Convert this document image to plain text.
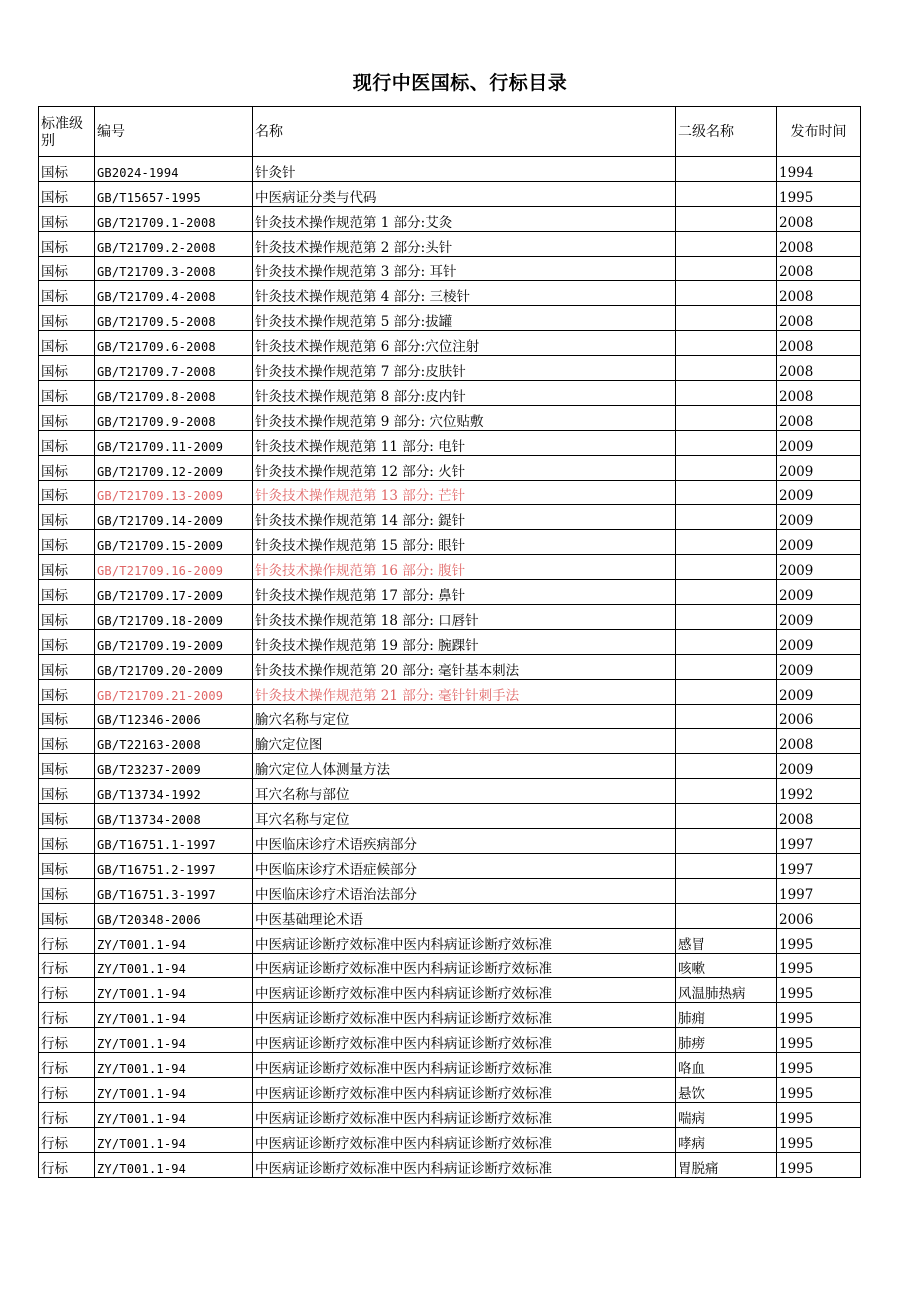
现行中医国标、行标目录
标准级别	编号	名称	二级名称	发布时间
国标	GB2024-1994	针灸针		1994
国标	GB/T15657-1995	中医病证分类与代码		1995
国标	GB/T21709.1-2008	针灸技术操作规范第 1 部分:艾灸		2008
国标	GB/T21709.2-2008	针灸技术操作规范第 2 部分:头针		2008
国标	GB/T21709.3-2008	针灸技术操作规范第 3 部分: 耳针		2008
国标	GB/T21709.4-2008	针灸技术操作规范第 4 部分: 三棱针		2008
国标	GB/T21709.5-2008	针灸技术操作规范第 5 部分:拔罐		2008
国标	GB/T21709.6-2008	针灸技术操作规范第 6 部分:穴位注射		2008
国标	GB/T21709.7-2008	针灸技术操作规范第 7 部分:皮肤针		2008
国标	GB/T21709.8-2008	针灸技术操作规范第 8 部分:皮内针		2008
国标	GB/T21709.9-2008	针灸技术操作规范第 9 部分: 穴位贴敷		2008
国标	GB/T21709.11-2009	针灸技术操作规范第 11 部分: 电针		2009
国标	GB/T21709.12-2009	针灸技术操作规范第 12 部分: 火针		2009
国标	GB/T21709.13-2009	针灸技术操作规范第 13 部分: 芒针		2009
国标	GB/T21709.14-2009	针灸技术操作规范第 14 部分: 鍉针		2009
国标	GB/T21709.15-2009	针灸技术操作规范第 15 部分: 眼针		2009
国标	GB/T21709.16-2009	针灸技术操作规范第 16 部分: 腹针		2009
国标	GB/T21709.17-2009	针灸技术操作规范第 17 部分: 鼻针		2009
国标	GB/T21709.18-2009	针灸技术操作规范第 18 部分: 口唇针		2009
国标	GB/T21709.19-2009	针灸技术操作规范第 19 部分: 腕踝针		2009
国标	GB/T21709.20-2009	针灸技术操作规范第 20 部分: 毫针基本刺法		2009
国标	GB/T21709.21-2009	针灸技术操作规范第 21 部分: 毫针针刺手法		2009
国标	GB/T12346-2006	腧穴名称与定位		2006
国标	GB/T22163-2008	腧穴定位图		2008
国标	GB/T23237-2009	腧穴定位人体测量方法		2009
国标	GB/T13734-1992	耳穴名称与部位		1992
国标	GB/T13734-2008	耳穴名称与定位		2008
国标	GB/T16751.1-1997	中医临床诊疗术语疾病部分		1997
国标	GB/T16751.2-1997	中医临床诊疗术语症候部分		1997
国标	GB/T16751.3-1997	中医临床诊疗术语治法部分		1997
国标	GB/T20348-2006	中医基础理论术语		2006
行标	ZY/T001.1-94	中医病证诊断疗效标准中医内科病证诊断疗效标准	感冒	1995
行标	ZY/T001.1-94	中医病证诊断疗效标准中医内科病证诊断疗效标准	咳嗽	1995
行标	ZY/T001.1-94	中医病证诊断疗效标准中医内科病证诊断疗效标准	风温肺热病	1995
行标	ZY/T001.1-94	中医病证诊断疗效标准中医内科病证诊断疗效标准	肺痈	1995
行标	ZY/T001.1-94	中医病证诊断疗效标准中医内科病证诊断疗效标准	肺痨	1995
行标	ZY/T001.1-94	中医病证诊断疗效标准中医内科病证诊断疗效标准	咯血	1995
行标	ZY/T001.1-94	中医病证诊断疗效标准中医内科病证诊断疗效标准	悬饮	1995
行标	ZY/T001.1-94	中医病证诊断疗效标准中医内科病证诊断疗效标准	喘病	1995
行标	ZY/T001.1-94	中医病证诊断疗效标准中医内科病证诊断疗效标准	哮病	1995
行标	ZY/T001.1-94	中医病证诊断疗效标准中医内科病证诊断疗效标准	胃脱痛	1995
